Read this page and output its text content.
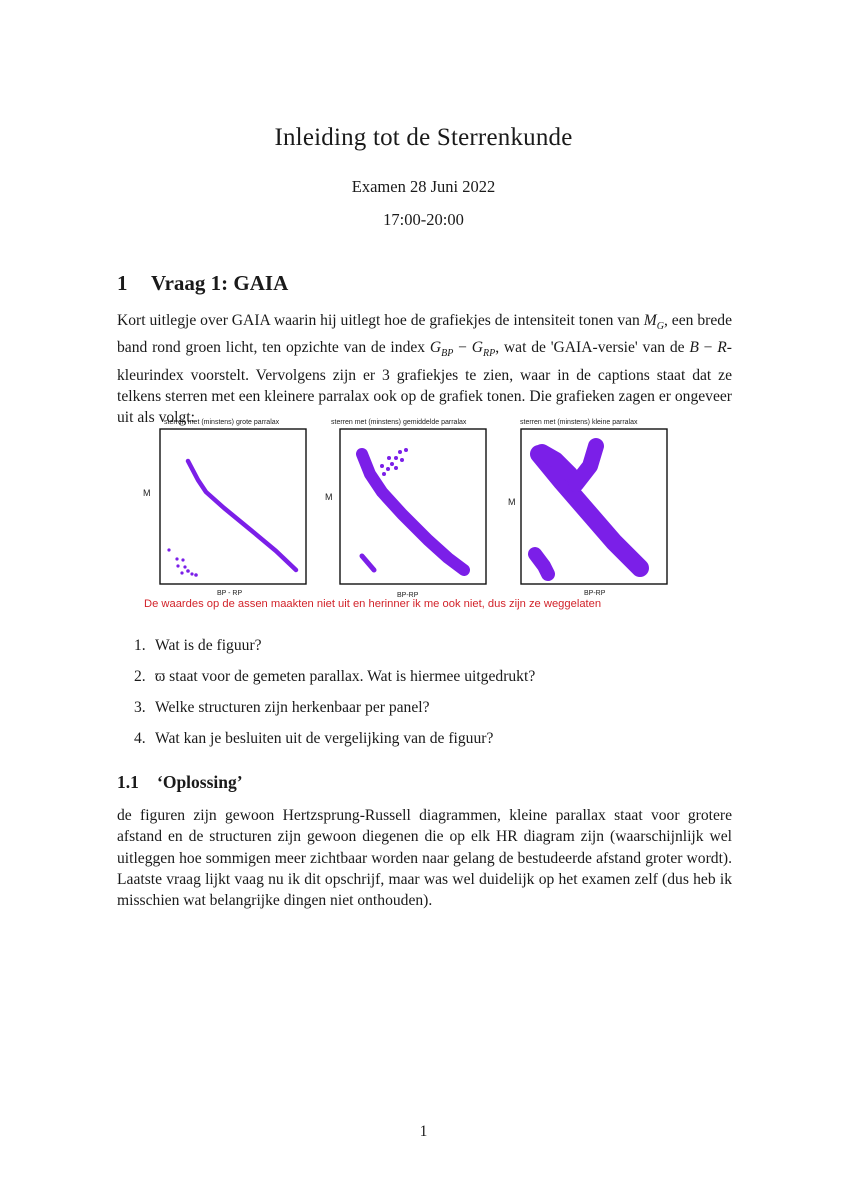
Inleiding tot de Sterrenkunde
Examen 28 Juni 2022
17:00-20:00
1 Vraag 1: GAIA
Kort uitlegje over GAIA waarin hij uitlegt hoe de grafiekjes de intensiteit tonen van $M_G$, een brede band rond groen licht, ten opzichte van de index $G_{BP} - G_{RP}$, wat de 'GAIA-versie' van de B − R-kleurindex voorstelt. Vervolgens zijn er 3 grafiekjes te zien, waar in de captions staat dat ze telkens sterren met een kleinere parralax ook op de grafiek tonen. Die grafieken zagen er ongeveer uit als volgt:
sterren met (minstens) grote parralax
M
BP - RP
sterren met (minstens) gemiddelde parralax
M
BP-RP
sterren met (minstens) kleine parralax
M
BP-RP
De waardes op de assen maakten niet uit en herinner ik me ook niet, dus zijn ze weggelaten
1. Wat is de figuur?
2. ϖ staat voor de gemeten parallax. Wat is hiermee uitgedrukt?
3. Welke structuren zijn herkenbaar per panel?
4. Wat kan je besluiten uit de vergelijking van de figuur?
1.1 ‘Oplossing’
de figuren zijn gewoon Hertzsprung-Russell diagrammen, kleine parallax staat voor grotere afstand en de structuren zijn gewoon diegenen die op elk HR diagram zijn (waarschijnlijk wel uitleggen hoe sommigen meer zichtbaar worden naar gelang de bestudeerde afstand groter wordt). Laatste vraag lijkt vaag nu ik dit opschrijf, maar was wel duidelijk op het examen zelf (dus heb ik misschien wat belangrijke dingen niet onthouden).
1
